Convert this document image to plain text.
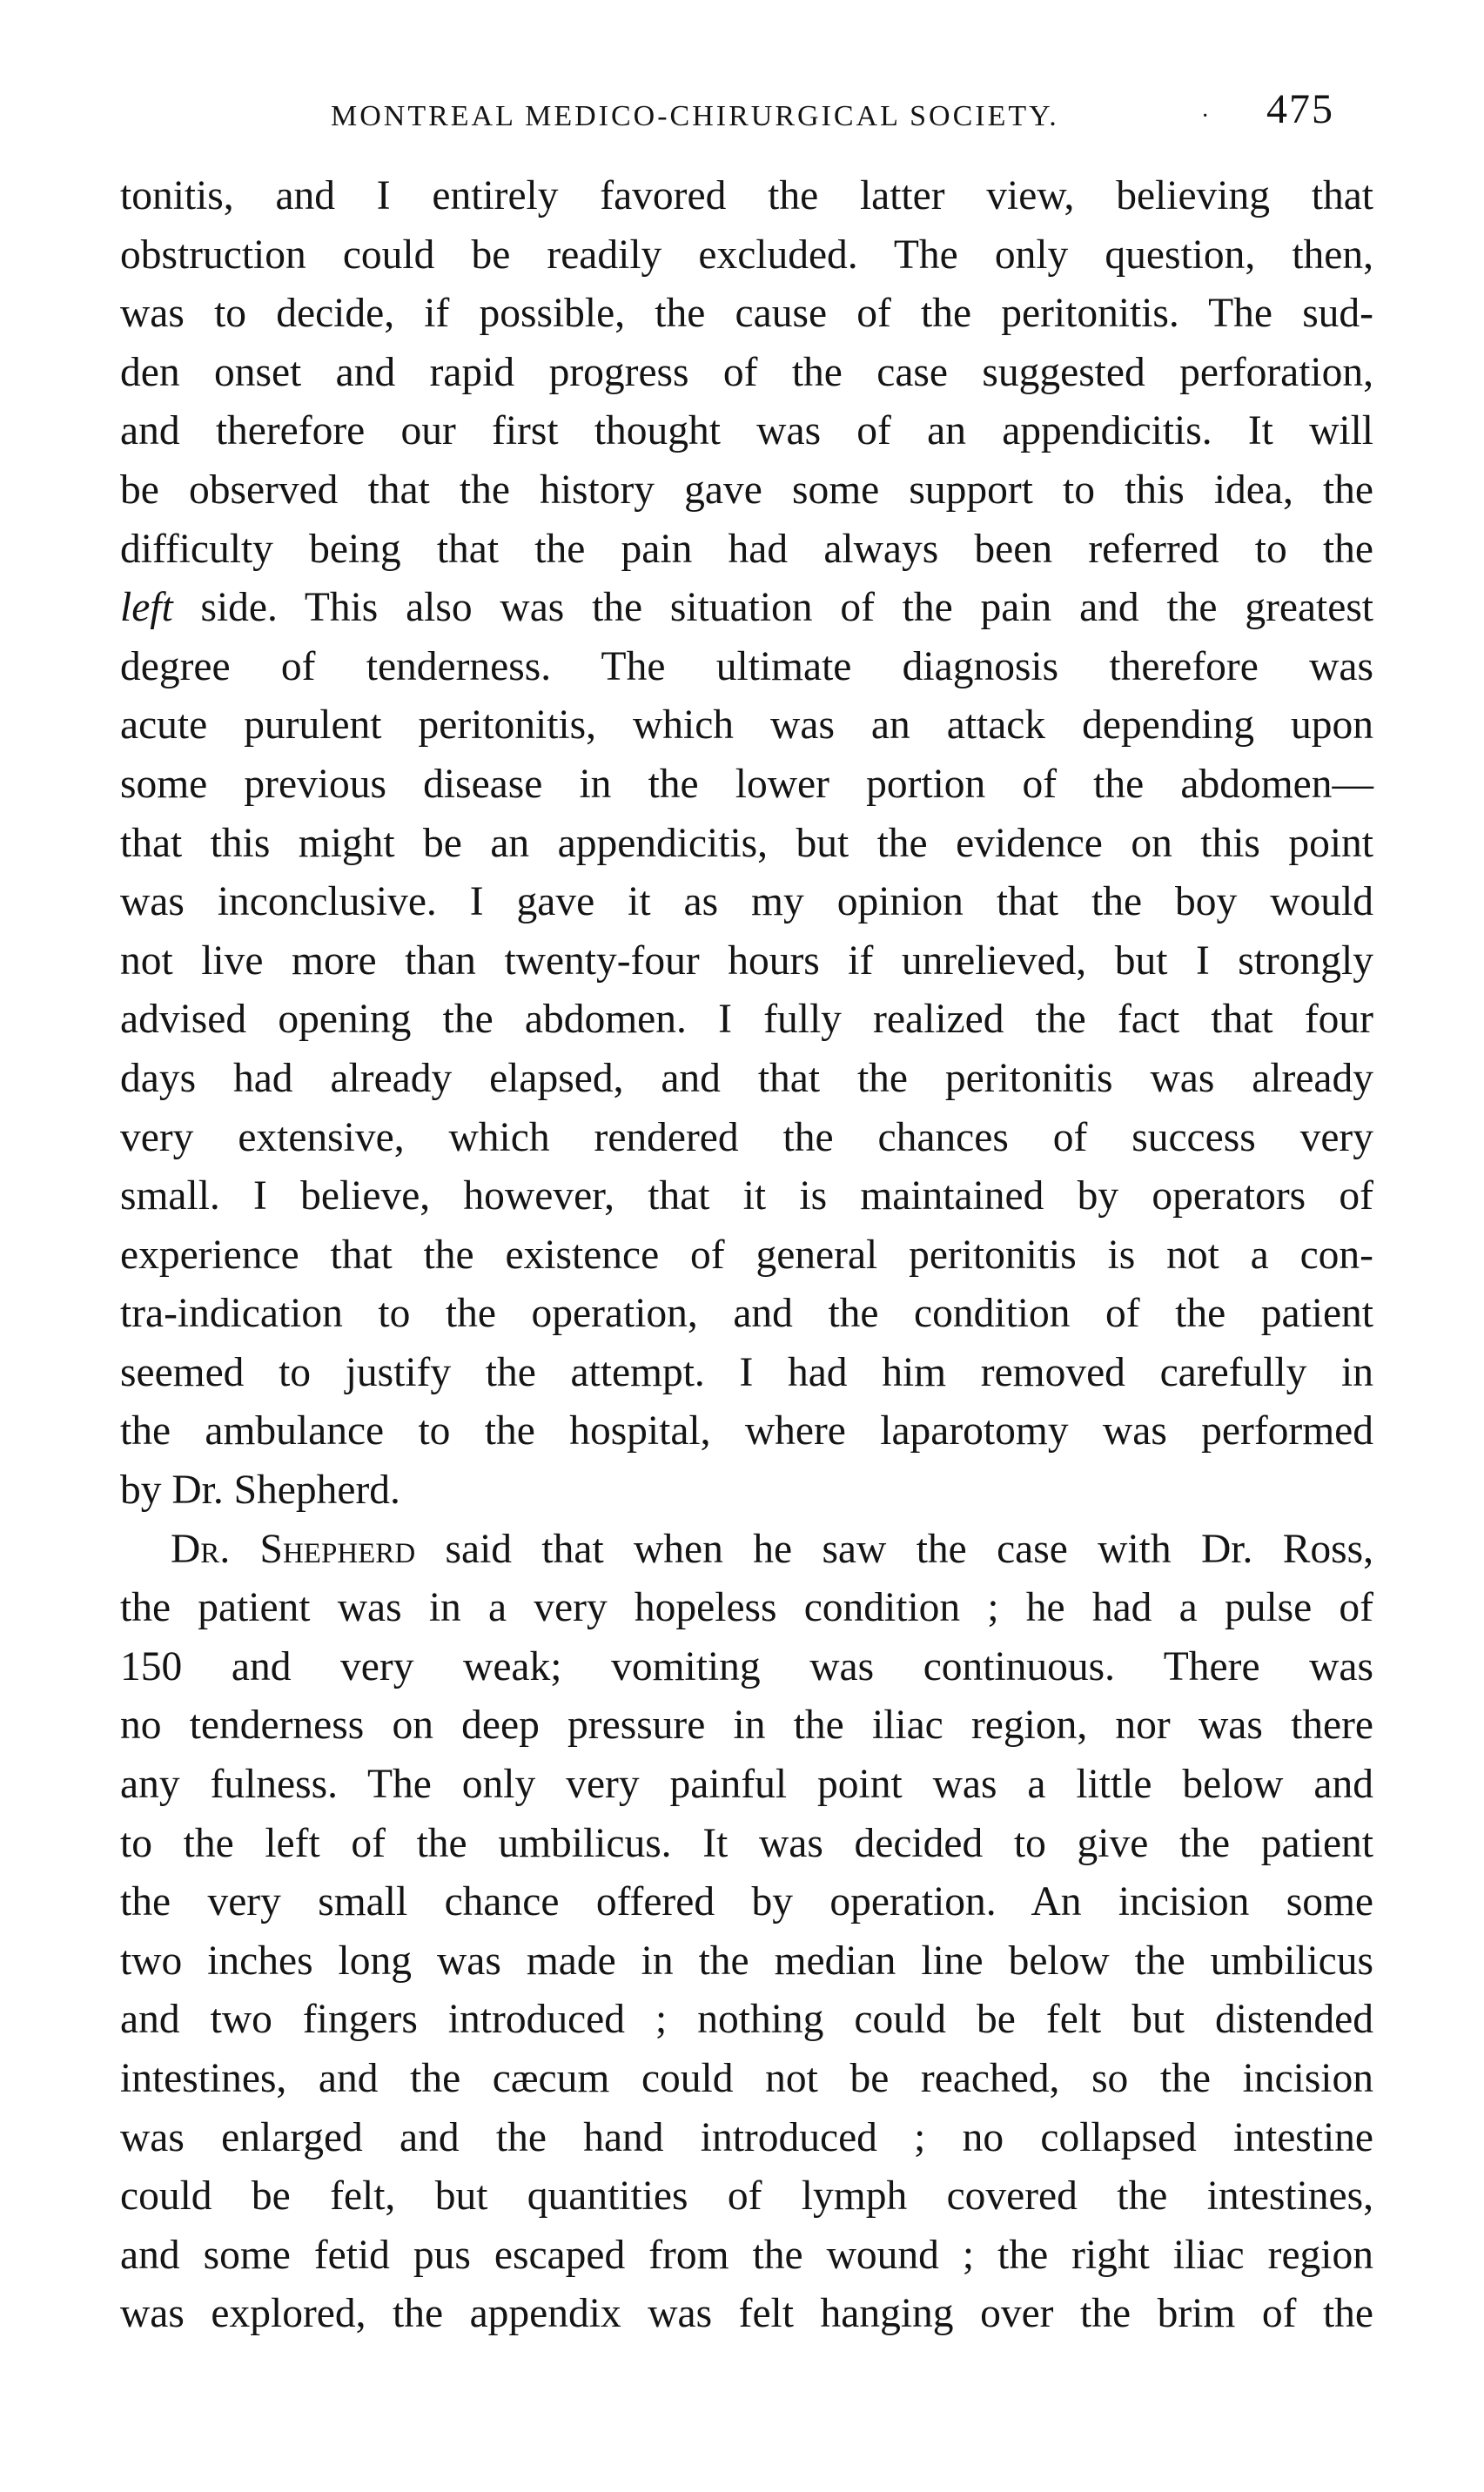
MONTREAL MEDICO-CHIRURGICAL SOCIETY.	· 475
tonitis, and I entirely favored the latter view, believing that
obstruction could be readily excluded. The only question, then,
was to decide, if possible, the cause of the peritonitis. The sud-
den onset and rapid progress of the case suggested perforation,
and therefore our first thought was of an appendicitis. It will
be observed that the history gave some support to this idea, the
difficulty being that the pain had always been referred to the
left side. This also was the situation of the pain and the greatest
degree of tenderness. The ultimate diagnosis therefore was
acute purulent peritonitis, which was an attack depending upon
some previous disease in the lower portion of the abdomen—
that this might be an appendicitis, but the evidence on this point
was inconclusive. I gave it as my opinion that the boy would
not live more than twenty-four hours if unrelieved, but I strongly
advised opening the abdomen. I fully realized the fact that four
days had already elapsed, and that the peritonitis was already
very extensive, which rendered the chances of success very
small. I believe, however, that it is maintained by operators of
experience that the existence of general peritonitis is not a con-
tra-indication to the operation, and the condition of the patient
seemed to justify the attempt. I had him removed carefully in
the ambulance to the hospital, where laparotomy was performed
by Dr. Shepherd.
Dr. Shepherd said that when he saw the case with Dr. Ross,
the patient was in a very hopeless condition ; he had a pulse of
150 and very weak; vomiting was continuous. There was
no tenderness on deep pressure in the iliac region, nor was there
any fulness. The only very painful point was a little below and
to the left of the umbilicus. It was decided to give the patient
the very small chance offered by operation. An incision some
two inches long was made in the median line below the umbilicus
and two fingers introduced ; nothing could be felt but distended
intestines, and the cæcum could not be reached, so the incision
was enlarged and the hand introduced ; no collapsed intestine
could be felt, but quantities of lymph covered the intestines,
and some fetid pus escaped from the wound ; the right iliac region
was explored, the appendix was felt hanging over the brim of the
